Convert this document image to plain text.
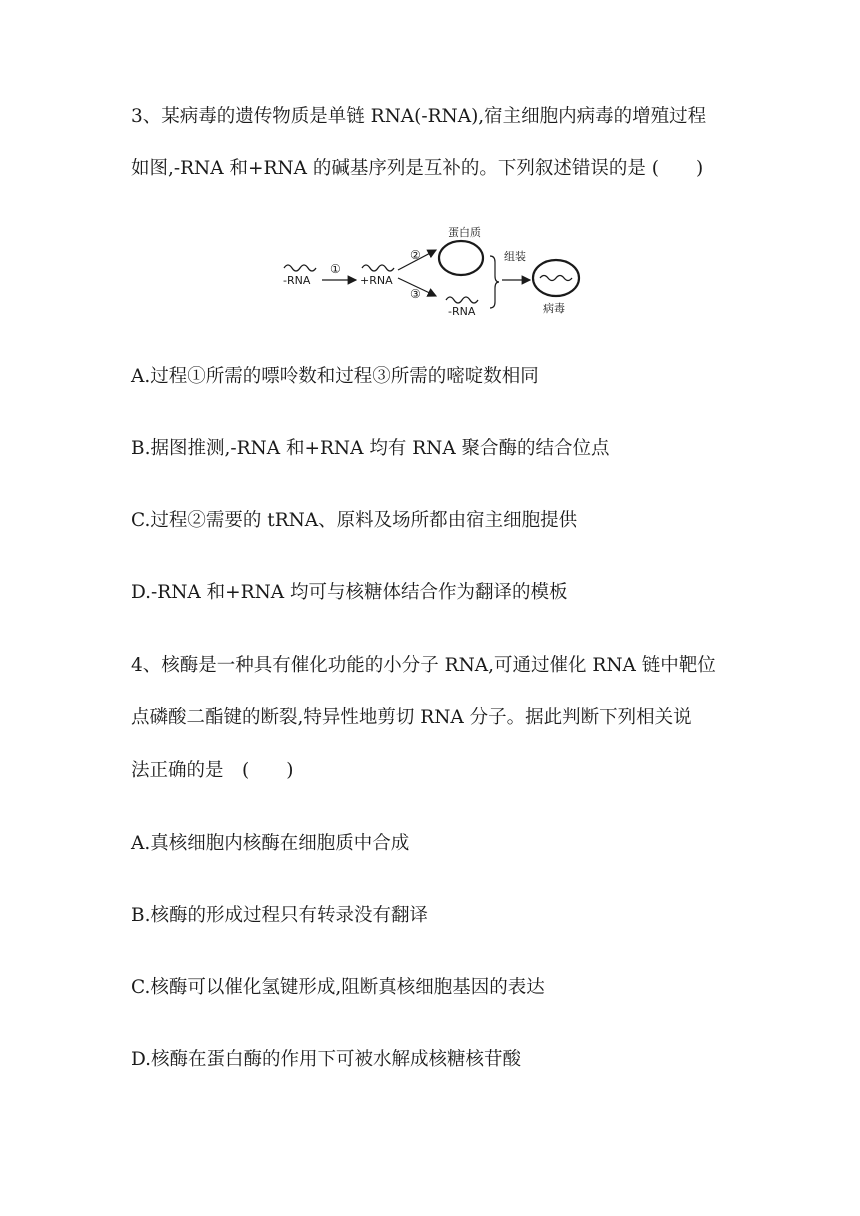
3、某病毒的遗传物质是单链 RNA(-RNA),宿主细胞内病毒的增殖过程

如图,-RNA 和+RNA 的碱基序列是互补的。下列叙述错误的是 (　　)

-RNA
①
+RNA
②
③
蛋白质
-RNA
组装
病毒

A.过程①所需的嘌呤数和过程③所需的嘧啶数相同

B.据图推测,-RNA 和+RNA 均有 RNA 聚合酶的结合位点

C.过程②需要的 tRNA、原料及场所都由宿主细胞提供

D.-RNA 和+RNA 均可与核糖体结合作为翻译的模板

4、核酶是一种具有催化功能的小分子 RNA,可通过催化 RNA 链中靶位

点磷酸二酯键的断裂,特异性地剪切 RNA 分子。据此判断下列相关说

法正确的是　(　　)

A.真核细胞内核酶在细胞质中合成

B.核酶的形成过程只有转录没有翻译

C.核酶可以催化氢键形成,阻断真核细胞基因的表达

D.核酶在蛋白酶的作用下可被水解成核糖核苷酸
